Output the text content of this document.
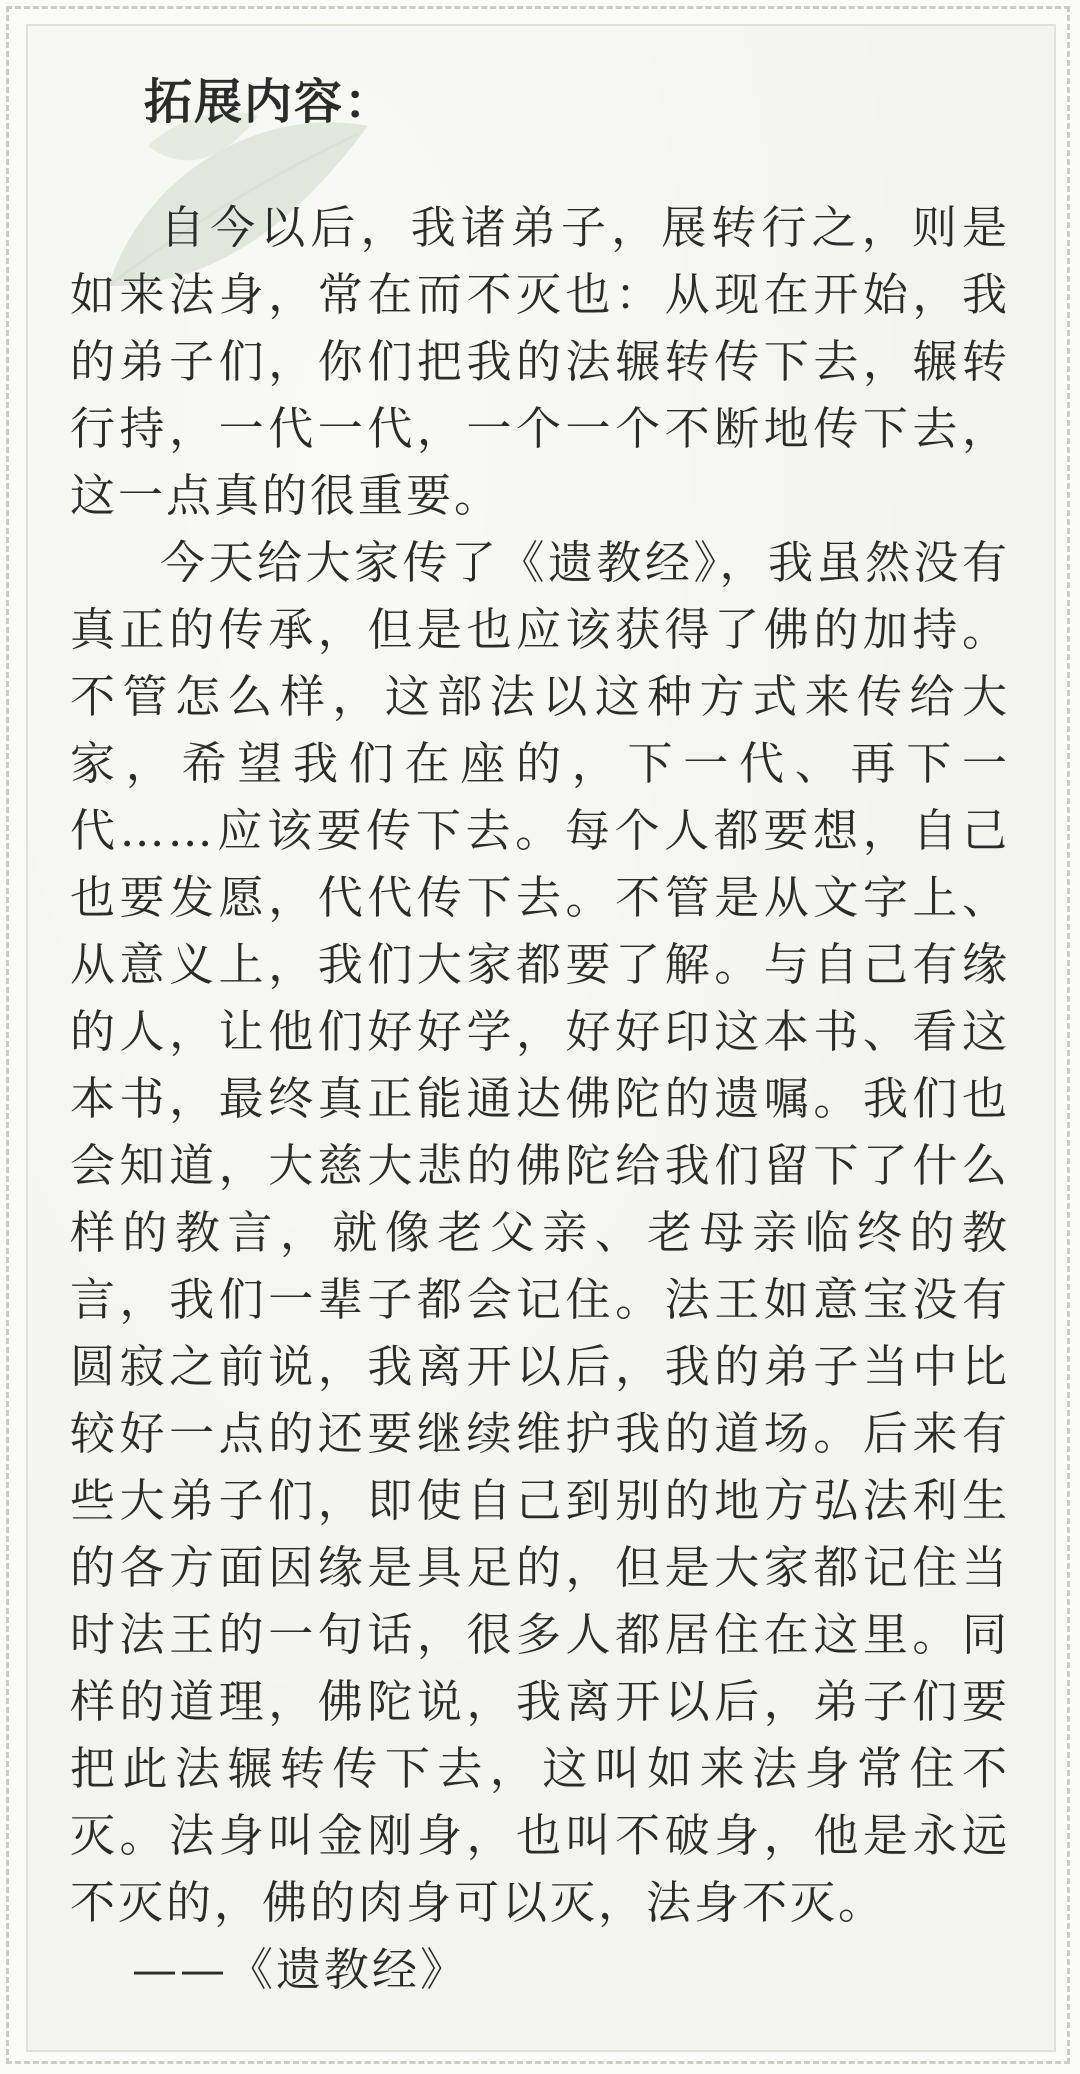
拓展内容：

自今以后，我诸弟子，展转行之，则是如来法身，常在而不灭也：从现在开始，我的弟子们，你们把我的法辗转传下去，辗转行持，一代一代，一个一个不断地传下去，这一点真的很重要。

今天给大家传了《遗教经》，我虽然没有真正的传承，但是也应该获得了佛的加持。不管怎么样，这部法以这种方式来传给大家，希望我们在座的，下一代、再下一代……应该要传下去。每个人都要想，自己也要发愿，代代传下去。不管是从文字上、从意义上，我们大家都要了解。与自己有缘的人，让他们好好学，好好印这本书、看这本书，最终真正能通达佛陀的遗嘱。我们也会知道，大慈大悲的佛陀给我们留下了什么样的教言，就像老父亲、老母亲临终的教言，我们一辈子都会记住。法王如意宝没有圆寂之前说，我离开以后，我的弟子当中比较好一点的还要继续维护我的道场。后来有些大弟子们，即使自己到别的地方弘法利生的各方面因缘是具足的，但是大家都记住当时法王的一句话，很多人都居住在这里。同样的道理，佛陀说，我离开以后，弟子们要把此法辗转传下去，这叫如来法身常住不灭。法身叫金刚身，也叫不破身，他是永远不灭的，佛的肉身可以灭，法身不灭。

——《遗教经》
